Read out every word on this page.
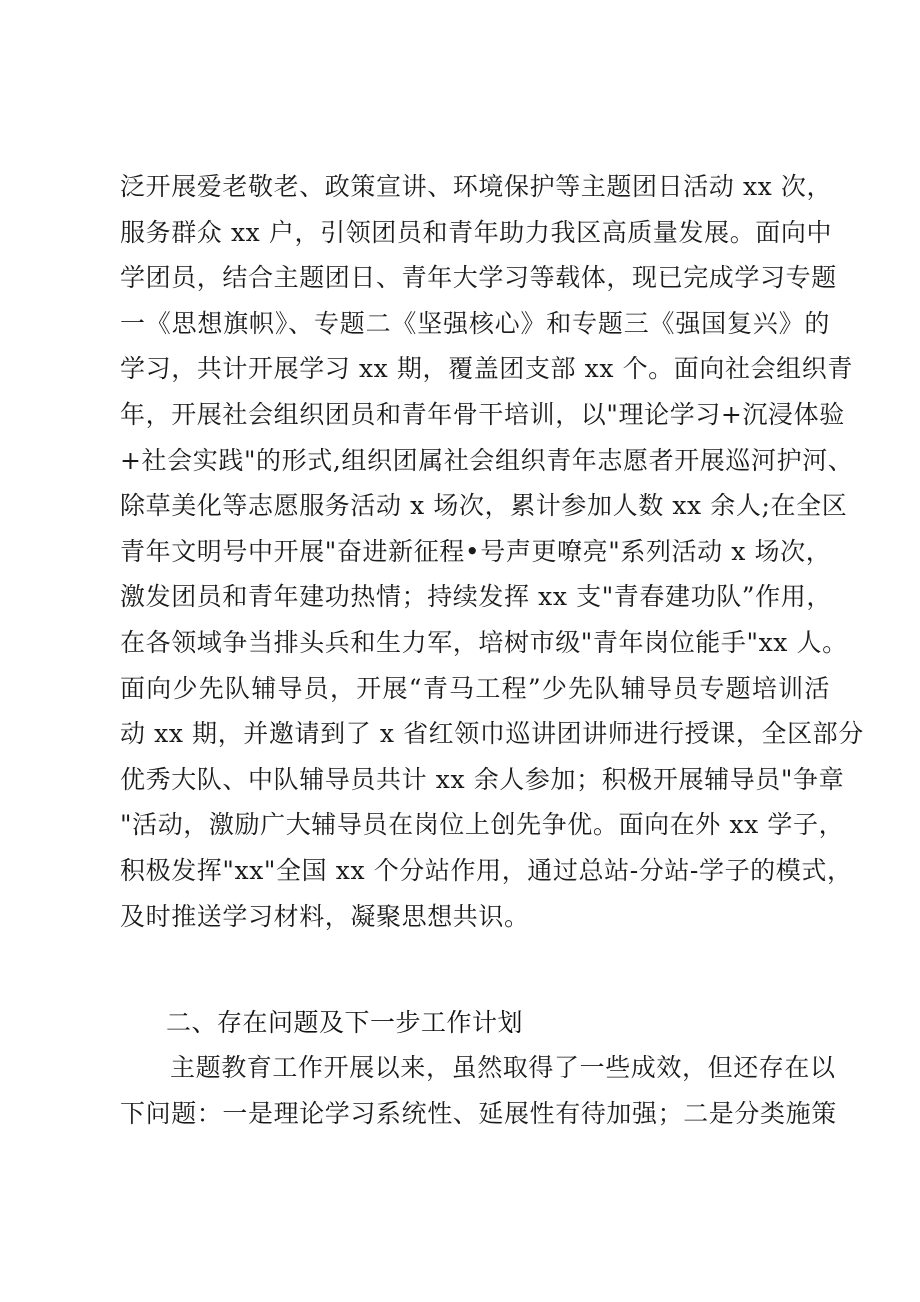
泛开展爱老敬老、政策宣讲、环境保护等主题团日活动 xx 次，
服务群众 xx 户，引领团员和青年助力我区高质量发展。面向中
学团员，结合主题团日、青年大学习等载体，现已完成学习专题
一《思想旗帜》、专题二《坚强核心》和专题三《强国复兴》的
学习，共计开展学习 xx 期，覆盖团支部 xx 个。面向社会组织青
年，开展社会组织团员和青年骨干培训，以"理论学习+沉浸体验
+社会实践"的形式,组织团属社会组织青年志愿者开展巡河护河、
除草美化等志愿服务活动 x 场次，累计参加人数 xx 余人;在全区
青年文明号中开展"奋进新征程•号声更嘹亮"系列活动 x 场次，
激发团员和青年建功热情；持续发挥 xx 支"青春建功队”作用，
在各领域争当排头兵和生力军，培树市级"青年岗位能手"xx 人。
面向少先队辅导员，开展“青马工程”少先队辅导员专题培训活
动 xx 期，并邀请到了 x 省红领巾巡讲团讲师进行授课，全区部分
优秀大队、中队辅导员共计 xx 余人参加；积极开展辅导员"争章
"活动，激励广大辅导员在岗位上创先争优。面向在外 xx 学子，
积极发挥"xx"全国 xx 个分站作用，通过总站-分站-学子的模式，
及时推送学习材料，凝聚思想共识。
二、存在问题及下一步工作计划
主题教育工作开展以来，虽然取得了一些成效，但还存在以
下问题：一是理论学习系统性、延展性有待加强；二是分类施策
